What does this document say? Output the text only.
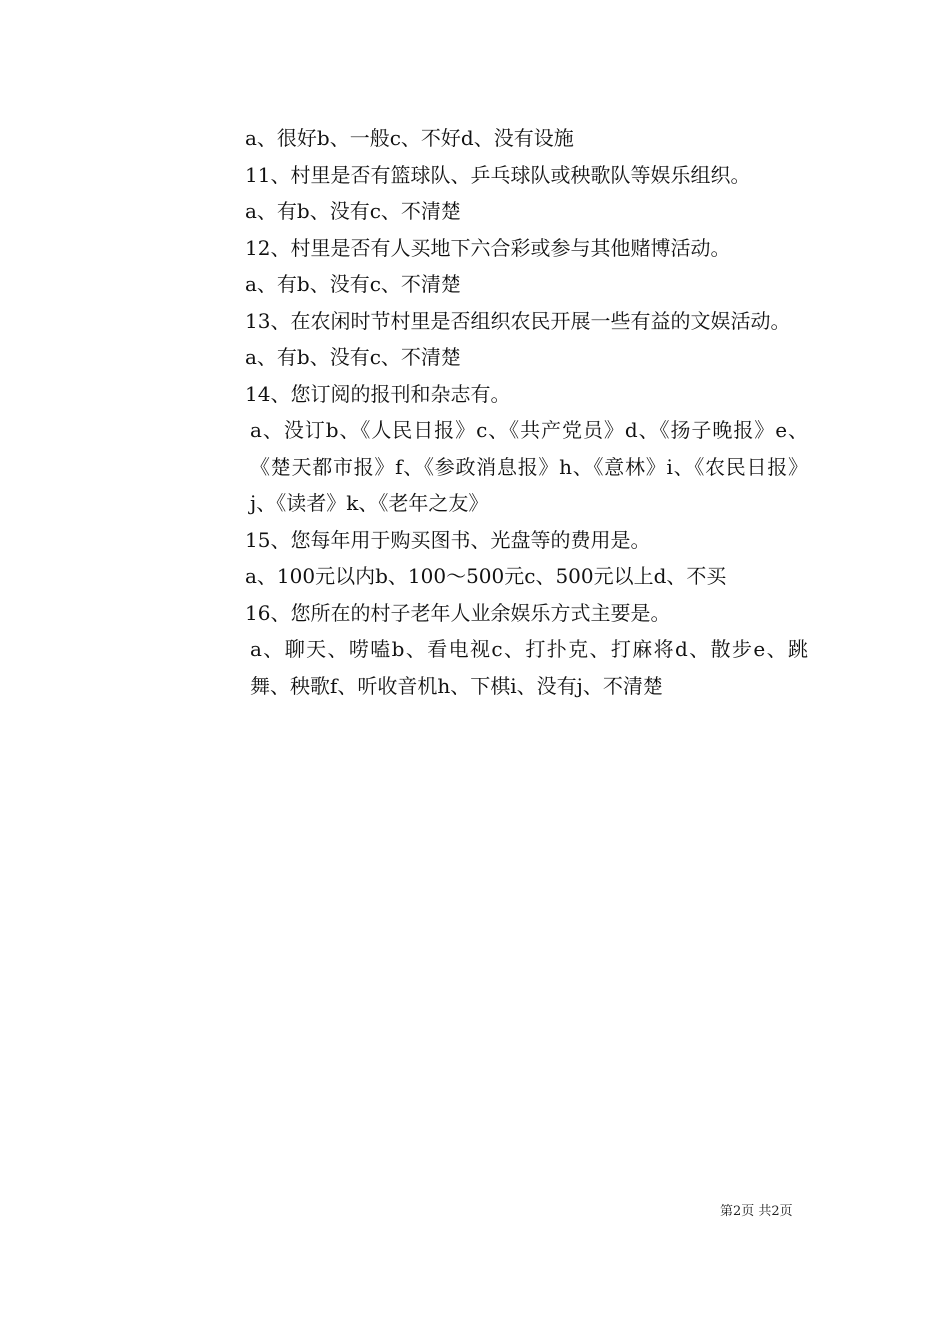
a、很好b、一般c、不好d、没有设施

11、村里是否有篮球队、乒乓球队或秧歌队等娱乐组织。

a、有b、没有c、不清楚

12、村里是否有人买地下六合彩或参与其他赌博活动。

a、有b、没有c、不清楚

13、在农闲时节村里是否组织农民开展一些有益的文娱活动。

a、有b、没有c、不清楚

14、您订阅的报刊和杂志有。

a、没订b、《人民日报》c、《共产党员》d、《扬子晚报》e、《楚天都市报》f、《参政消息报》h、《意林》i、《农民日报》j、《读者》k、《老年之友》

15、您每年用于购买图书、光盘等的费用是。

a、100元以内b、100～500元c、500元以上d、不买

16、您所在的村子老年人业余娱乐方式主要是。

a、聊天、唠嗑b、看电视c、打扑克、打麻将d、散步e、跳舞、秧歌f、听收音机h、下棋i、没有j、不清楚

第2页 共2页
